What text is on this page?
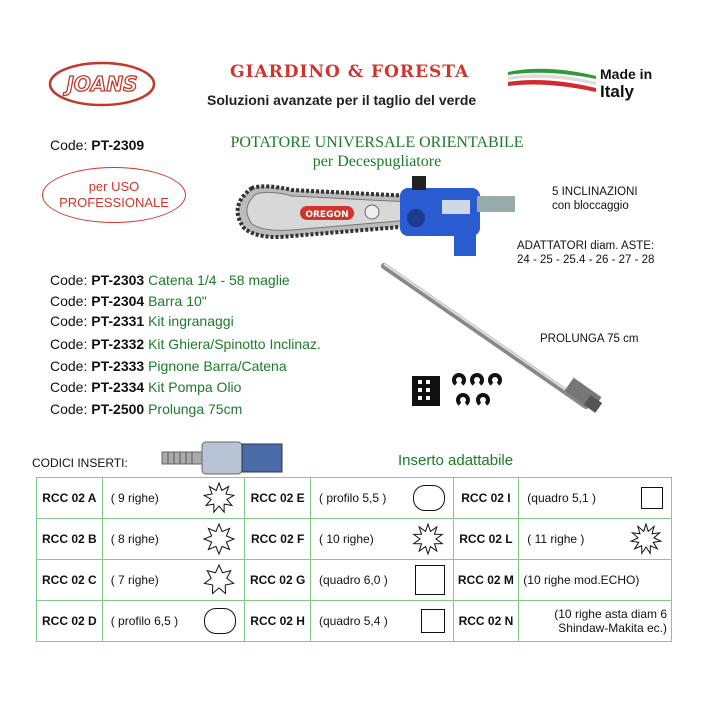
JOANS	GIARDINO & FORESTA
Soluzioni avanzate per il taglio del verde
Made in
Italy
Code: PT-2309	POTATORE UNIVERSALE ORIENTABILE
per Decespugliatore
per USO
PROFESSIONALE
OREGON
5 INCLINAZIONI
con bloccaggio
ADATTATORI diam. ASTE:
24 - 25 - 25.4 - 26 - 27 - 28
PROLUNGA 75 cm
Code: PT-2303 Catena 1/4 - 58 maglie
Code: PT-2304 Barra 10"
Code: PT-2331 Kit ingranaggi
Code: PT-2332 Kit Ghiera/Spinotto Inclinaz.
Code: PT-2333 Pignone Barra/Catena
Code: PT-2334 Kit Pompa Olio
Code: PT-2500 Prolunga 75cm
CODICI INSERTI:	Inserto adattabile
RCC 02 A	( 9 righe)	RCC 02 E	( profilo 5,5 )	RCC 02 I	(quadro 5,1 )

RCC 02 B	( 8 righe)	RCC 02 F	( 10 righe)	RCC 02 L	( 11 righe )

RCC 02 C	( 7 righe)	RCC 02 G	(quadro 6,0 )	RCC 02 M	(10 righe mod.ECHO)

RCC 02 D	( profilo 6,5 )	RCC 02 H	(quadro 5,4 )	RCC 02 N	(10 righe asta diam 6
Shindaw-Makita ec.)
